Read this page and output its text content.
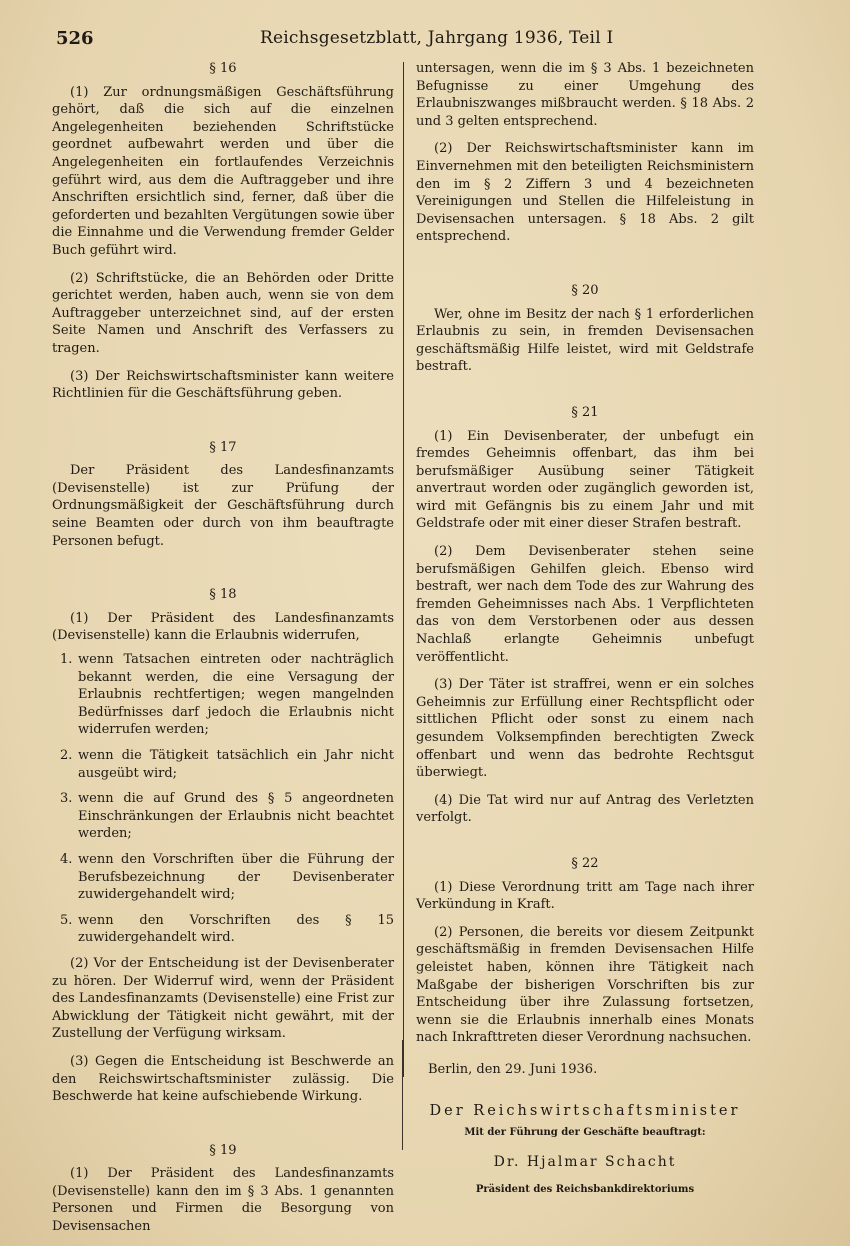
526	Reichsgesetzblatt, Jahrgang 1936, Teil I
§ 16

(1) Zur ordnungsmäßigen Geschäftsführung gehört, daß die sich auf die einzelnen Angelegenheiten beziehenden Schriftstücke geordnet aufbewahrt werden und über die Angelegenheiten ein fortlaufendes Verzeichnis geführt wird, aus dem die Auftraggeber und ihre Anschriften ersichtlich sind, ferner, daß über die geforderten und bezahlten Vergütungen sowie über die Einnahme und die Verwendung fremder Gelder Buch geführt wird.

(2) Schriftstücke, die an Behörden oder Dritte gerichtet werden, haben auch, wenn sie von dem Auftraggeber unterzeichnet sind, auf der ersten Seite Namen und Anschrift des Verfassers zu tragen.

(3) Der Reichswirtschaftsminister kann weitere Richtlinien für die Geschäftsführung geben.

§ 17

Der Präsident des Landesfinanzamts (Devisenstelle) ist zur Prüfung der Ordnungsmäßigkeit der Geschäftsführung durch seine Beamten oder durch von ihm beauftragte Personen befugt.

§ 18

(1) Der Präsident des Landesfinanzamts (Devisenstelle) kann die Erlaubnis widerrufen,

1. wenn Tatsachen eintreten oder nachträglich bekannt werden, die eine Versagung der Erlaubnis rechtfertigen; wegen mangelnden Bedürfnisses darf jedoch die Erlaubnis nicht widerrufen werden;
2. wenn die Tätigkeit tatsächlich ein Jahr nicht ausgeübt wird;
3. wenn die auf Grund des § 5 angeordneten Einschränkungen der Erlaubnis nicht beachtet werden;
4. wenn den Vorschriften über die Führung der Berufsbezeichnung der Devisenberater zuwidergehandelt wird;
5. wenn den Vorschriften des § 15 zuwidergehandelt wird.

(2) Vor der Entscheidung ist der Devisenberater zu hören. Der Widerruf wird, wenn der Präsident des Landesfinanzamts (Devisenstelle) eine Frist zur Abwicklung der Tätigkeit nicht gewährt, mit der Zustellung der Verfügung wirksam.

(3) Gegen die Entscheidung ist Beschwerde an den Reichswirtschaftsminister zulässig. Die Beschwerde hat keine aufschiebende Wirkung.

§ 19

(1) Der Präsident des Landesfinanzamts (Devisenstelle) kann den im § 3 Abs. 1 genannten Personen und Firmen die Besorgung von Devisensachen

untersagen, wenn die im § 3 Abs. 1 bezeichneten Befugnisse zu einer Umgehung des Erlaubniszwanges mißbraucht werden. § 18 Abs. 2 und 3 gelten entsprechend.

(2) Der Reichswirtschaftsminister kann im Einvernehmen mit den beteiligten Reichsministern den im § 2 Ziffern 3 und 4 bezeichneten Vereinigungen und Stellen die Hilfeleistung in Devisensachen untersagen. § 18 Abs. 2 gilt entsprechend.

§ 20

Wer, ohne im Besitz der nach § 1 erforderlichen Erlaubnis zu sein, in fremden Devisensachen geschäftsmäßig Hilfe leistet, wird mit Geldstrafe bestraft.

§ 21

(1) Ein Devisenberater, der unbefugt ein fremdes Geheimnis offenbart, das ihm bei berufsmäßiger Ausübung seiner Tätigkeit anvertraut worden oder zugänglich geworden ist, wird mit Gefängnis bis zu einem Jahr und mit Geldstrafe oder mit einer dieser Strafen bestraft.

(2) Dem Devisenberater stehen seine berufsmäßigen Gehilfen gleich. Ebenso wird bestraft, wer nach dem Tode des zur Wahrung des fremden Geheimnisses nach Abs. 1 Verpflichteten das von dem Verstorbenen oder aus dessen Nachlaß erlangte Geheimnis unbefugt veröffentlicht.

(3) Der Täter ist straffrei, wenn er ein solches Geheimnis zur Erfüllung einer Rechtspflicht oder sittlichen Pflicht oder sonst zu einem nach gesundem Volksempfinden berechtigten Zweck offenbart und wenn das bedrohte Rechtsgut überwiegt.

(4) Die Tat wird nur auf Antrag des Verletzten verfolgt.

§ 22

(1) Diese Verordnung tritt am Tage nach ihrer Verkündung in Kraft.

(2) Personen, die bereits vor diesem Zeitpunkt geschäftsmäßig in fremden Devisensachen Hilfe geleistet haben, können ihre Tätigkeit nach Maßgabe der bisherigen Vorschriften bis zur Entscheidung über ihre Zulassung fortsetzen, wenn sie die Erlaubnis innerhalb eines Monats nach Inkrafttreten dieser Verordnung nachsuchen.

Berlin, den 29. Juni 1936.

Der Reichswirtschaftsminister
Mit der Führung der Geschäfte beauftragt:
Dr. Hjalmar Schacht
Präsident des Reichsbankdirektoriums
